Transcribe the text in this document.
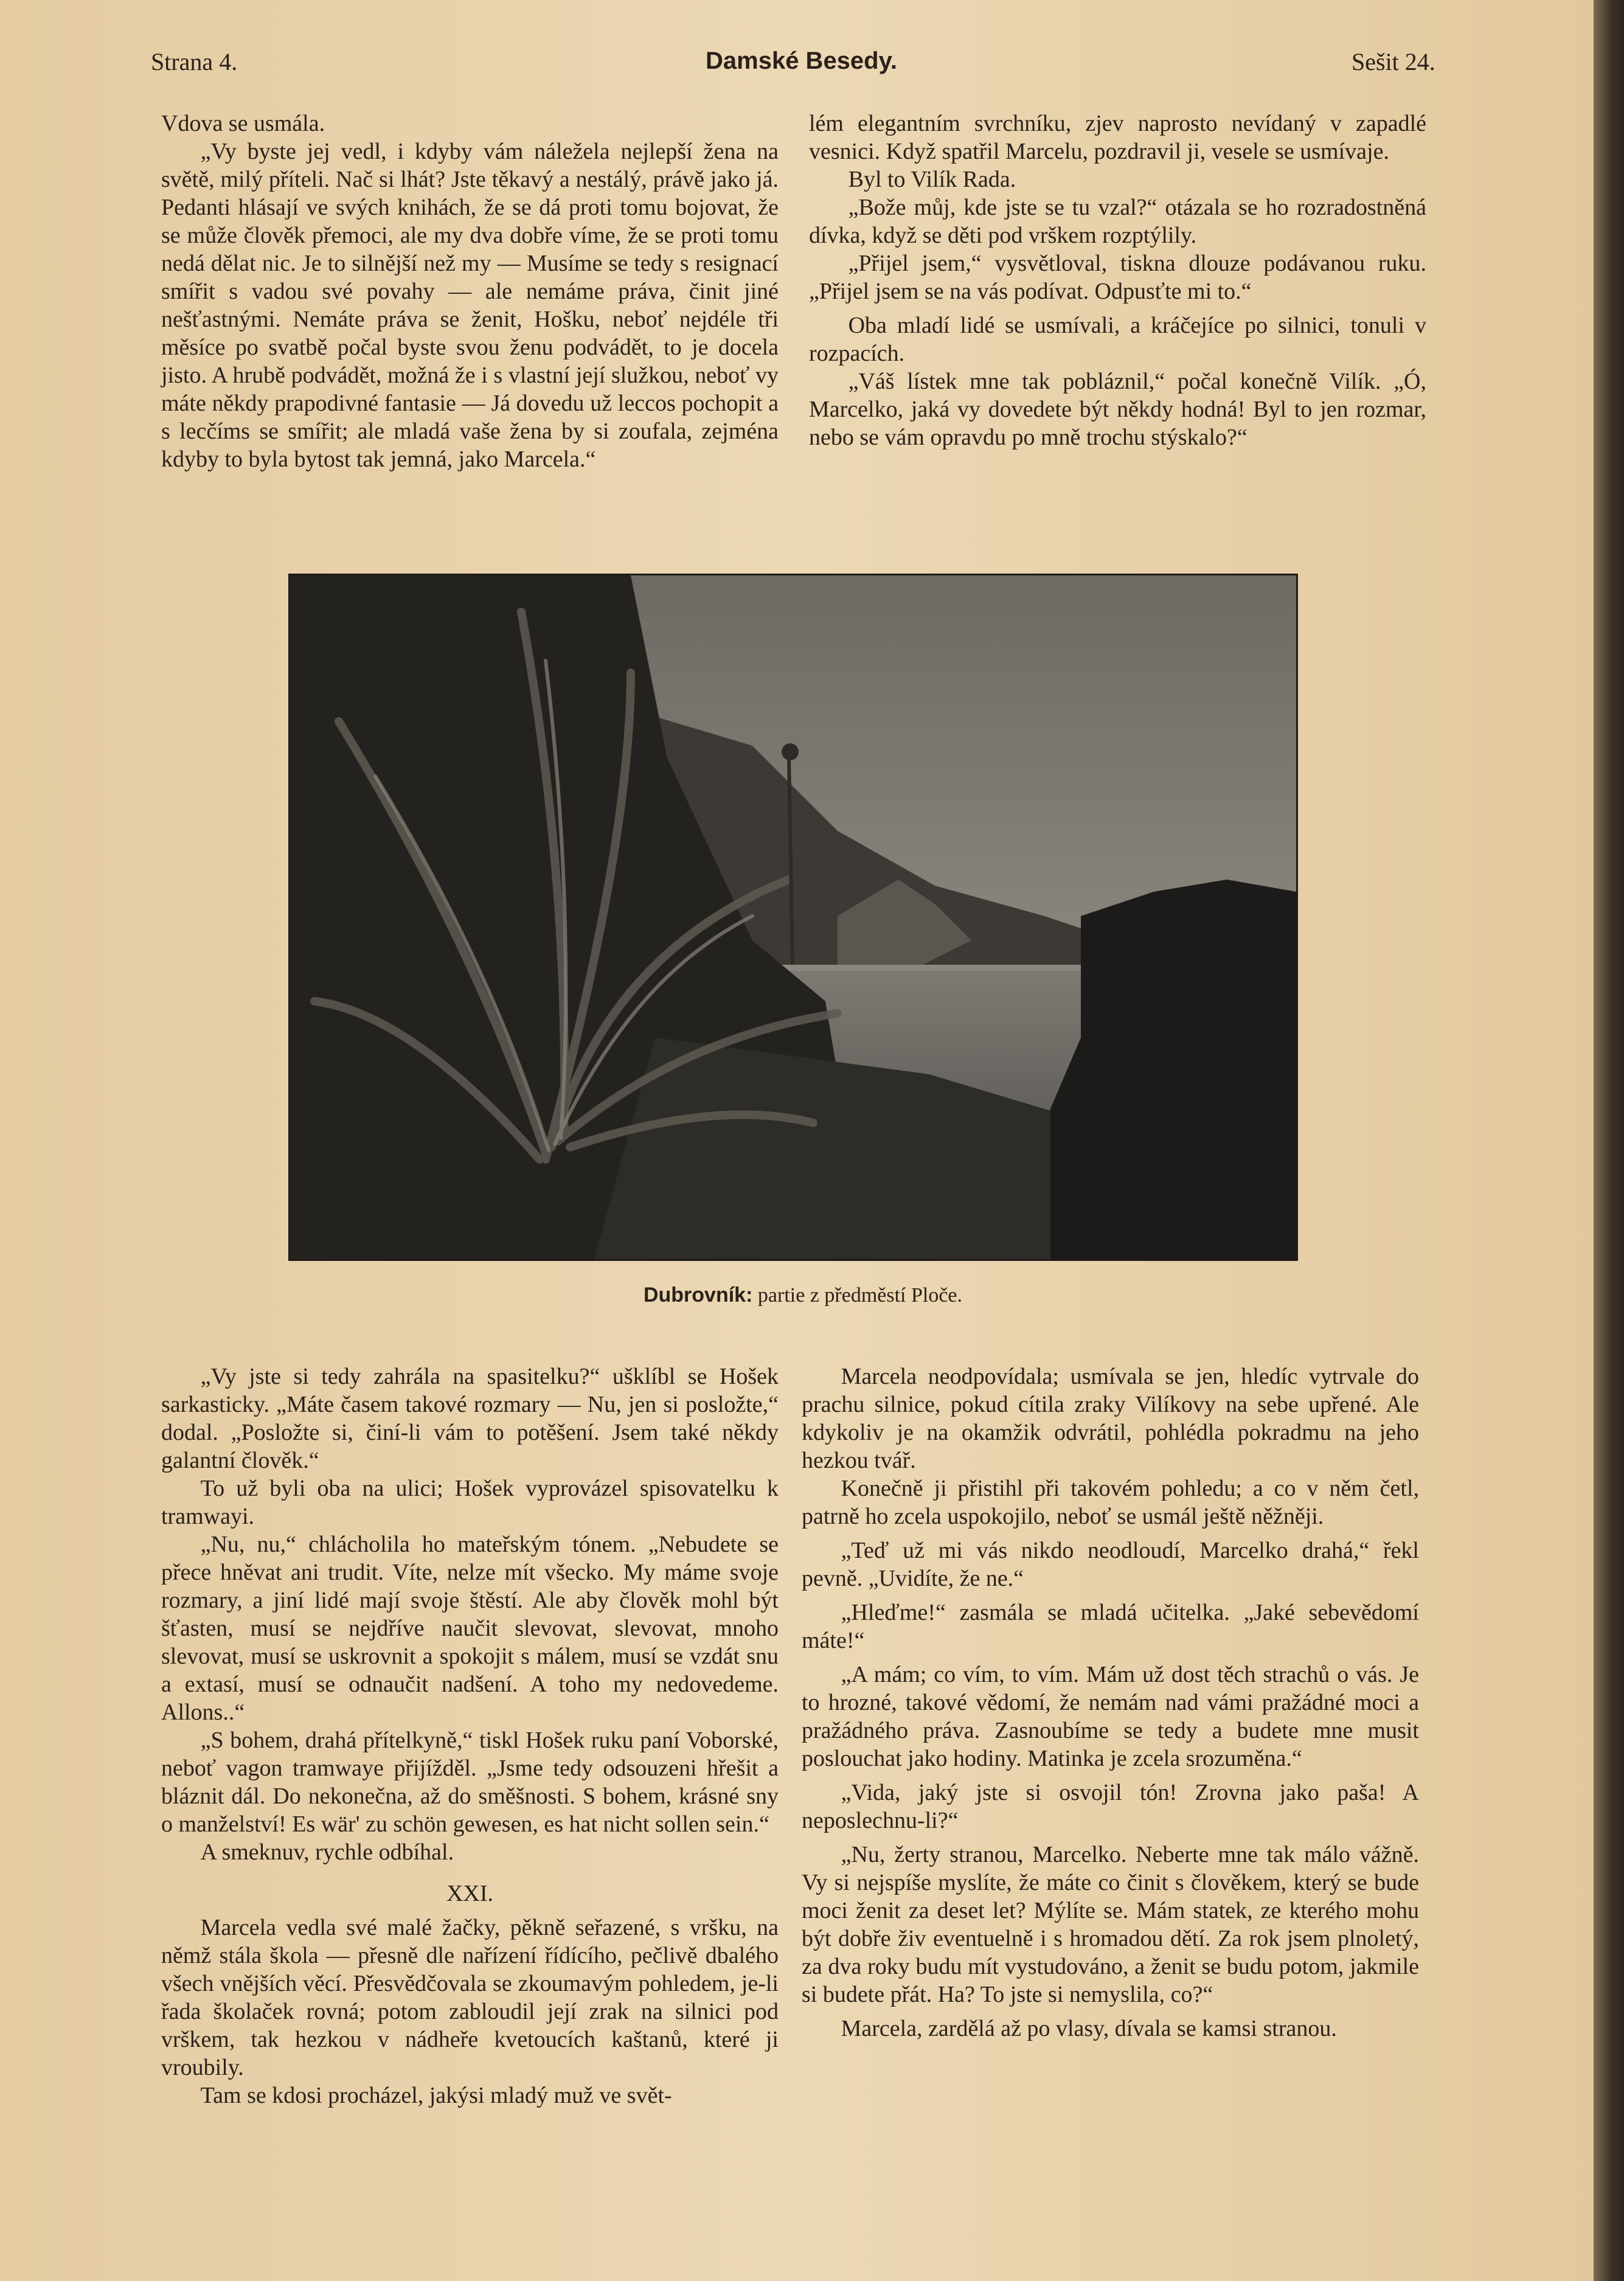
Strana 4.	Damské Besedy.	Sešit 24.

Vdova se usmála.

„Vy byste jej vedl, i kdyby vám náležela nejlepší žena na světě, milý příteli. Nač si lhát? Jste těkavý a nestálý, právě jako já. Pedanti hlásají ve svých knihách, že se dá proti tomu bojovat, že se může člověk přemoci, ale my dva dobře víme, že se proti tomu nedá dělat nic. Je to silnější než my — Musíme se tedy s resignací smířit s vadou své povahy — ale nemáme práva, činit jiné nešťastnými. Nemáte práva se ženit, Hošku, neboť nejdéle tři měsíce po svatbě počal byste svou ženu podvádět, to je docela jisto. A hrubě podvádět, možná že i s vlastní její služkou, neboť vy máte někdy prapodivné fantasie — Já dovedu už leccos pochopit a s lecčíms se smířit; ale mladá vaše žena by si zoufala, zejména kdyby to byla bytost tak jemná, jako Marcela.“

lém elegantním svrchníku, zjev naprosto nevídaný v zapadlé vesnici. Když spatřil Marcelu, pozdravil ji, vesele se usmívaje.

Byl to Vilík Rada.

„Bože můj, kde jste se tu vzal?“ otázala se ho rozradostněná dívka, když se děti pod vrškem rozptýlily.

„Přijel jsem,“ vysvětloval, tiskna dlouze podávanou ruku. „Přijel jsem se na vás podívat. Odpusťte mi to.“

Oba mladí lidé se usmívali, a kráčejíce po silnici, tonuli v rozpacích.

„Váš lístek mne tak pobláznil,“ počal konečně Vilík. „Ó, Marcelko, jaká vy dovedete být někdy hodná! Byl to jen rozmar, nebo se vám opravdu po mně trochu stýskalo?“

Dubrovník: partie z předměstí Ploče.

„Vy jste si tedy zahrála na spasitelku?“ ušklíbl se Hošek sarkasticky. „Máte časem takové rozmary — Nu, jen si posložte,“ dodal. „Posložte si, činí-li vám to potěšení. Jsem také někdy galantní člověk.“

To už byli oba na ulici; Hošek vyprovázel spisovatelku k tramwayi.

„Nu, nu,“ chlácholila ho mateřským tónem. „Nebudete se přece hněvat ani trudit. Víte, nelze mít všecko. My máme svoje rozmary, a jiní lidé mají svoje štěstí. Ale aby člověk mohl být šťasten, musí se nejdříve naučit slevovat, slevovat, mnoho slevovat, musí se uskrovnit a spokojit s málem, musí se vzdát snu a extasí, musí se odnaučit nadšení. A toho my nedovedeme. Allons..“

„S bohem, drahá přítelkyně,“ tiskl Hošek ruku paní Voborské, neboť vagon tramwaye přijížděl. „Jsme tedy odsouzeni hřešit a bláznit dál. Do nekonečna, až do směšnosti. S bohem, krásné sny o manželství! Es wär' zu schön gewesen, es hat nicht sollen sein.“

A smeknuv, rychle odbíhal.

XXI.

Marcela vedla své malé žačky, pěkně seřazené, s vršku, na němž stála škola — přesně dle nařízení řídícího, pečlivě dbalého všech vnějších věcí. Přesvědčovala se zkoumavým pohledem, je-li řada školaček rovná; potom zabloudil její zrak na silnici pod vrškem, tak hezkou v nádheře kvetoucích kaštanů, které ji vroubily.

Tam se kdosi procházel, jakýsi mladý muž ve svět-

Marcela neodpovídala; usmívala se jen, hledíc vytrvale do prachu silnice, pokud cítila zraky Vilíkovy na sebe upřené. Ale kdykoliv je na okamžik odvrátil, pohlédla pokradmu na jeho hezkou tvář.

Konečně ji přistihl při takovém pohledu; a co v něm četl, patrně ho zcela uspokojilo, neboť se usmál ještě něžněji.

„Teď už mi vás nikdo neodloudí, Marcelko drahá,“ řekl pevně. „Uvidíte, že ne.“

„Hleďme!“ zasmála se mladá učitelka. „Jaké sebevědomí máte!“

„A mám; co vím, to vím. Mám už dost těch strachů o vás. Je to hrozné, takové vědomí, že nemám nad vámi pražádné moci a pražádného práva. Zasnoubíme se tedy a budete mne musit poslouchat jako hodiny. Matinka je zcela srozuměna.“

„Vida, jaký jste si osvojil tón! Zrovna jako paša! A neposlechnu-li?“

„Nu, žerty stranou, Marcelko. Neberte mne tak málo vážně. Vy si nejspíše myslíte, že máte co činit s člověkem, který se bude moci ženit za deset let? Mýlíte se. Mám statek, ze kterého mohu být dobře živ eventuelně i s hromadou dětí. Za rok jsem plnoletý, za dva roky budu mít vystudováno, a ženit se budu potom, jakmile si budete přát. Ha? To jste si nemyslila, co?“

Marcela, zardělá až po vlasy, dívala se kamsi stranou.
